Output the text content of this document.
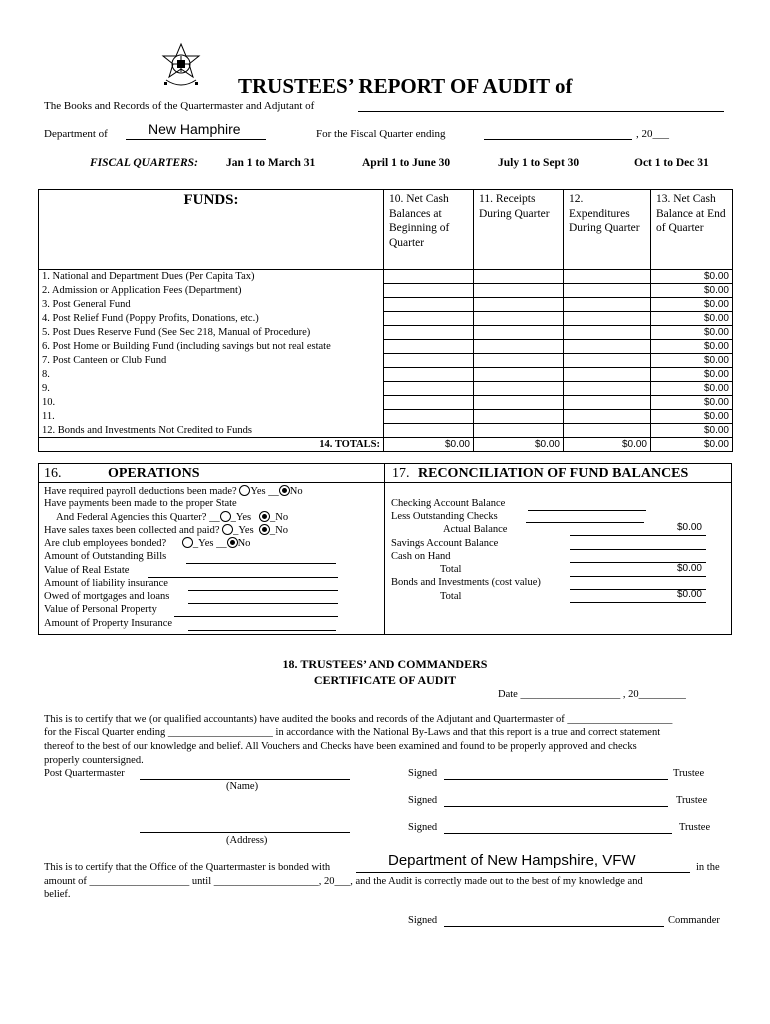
TRUSTEES’ REPORT OF AUDIT of
The Books and Records of the Quartermaster and Adjutant of
Department of	New Hamphire	For the Fiscal Quarter ending	, 20___
FISCAL QUARTERS: Jan 1 to March 31	April 1 to June 30	July 1 to Sept 30	Oct 1 to Dec 31
FUNDS:	10. Net Cash Balances at Beginning of Quarter	11. Receipts During Quarter	12. Expenditures During Quarter	13. Net Cash Balance at End of Quarter
1. National and Department Dues (Per Capita Tax)				$0.00
2. Admission or Application Fees (Department)				$0.00
3. Post General Fund				$0.00
4. Post Relief Fund (Poppy Profits, Donations, etc.)				$0.00
5. Post Dues Reserve Fund (See Sec 218, Manual of Procedure)				$0.00
6. Post Home or Building Fund (including savings but not real estate				$0.00
7. Post Canteen or Club Fund				$0.00
8.				$0.00
9.				$0.00
10.				$0.00
11.				$0.00
12. Bonds and Investments Not Credited to Funds				$0.00
14. TOTALS:	$0.00	$0.00	$0.00	$0.00
16.	OPERATIONS
Have required payroll deductions been made? Yes __ No
Have payments been made to the proper State
And Federal Agencies this Quarter? __ _Yes _No
Have sales taxes been collected and paid? _Yes _No
Are club employees bonded?	_Yes __ No
Amount of Outstanding Bills
Value of Real Estate
Amount of liability insurance
Owed of mortgages and loans
Value of Personal Property
Amount of Property Insurance
17. RECONCILIATION OF FUND BALANCES
Checking Account Balance
Less Outstanding Checks
Actual Balance	$0.00
Savings Account Balance
Cash on Hand
Total	$0.00
Bonds and Investments (cost value)
Total	$0.00
18. TRUSTEES’ AND COMMANDERS
CERTIFICATE OF AUDIT
Date ___________________ , 20_________
This is to certify that we (or qualified accountants) have audited the books and records of the Adjutant and Quartermaster of ____________________
for the Fiscal Quarter ending ____________________ in accordance with the National By-Laws and that this report is a true and correct statement
thereof to the best of our knowledge and belief. All Vouchers and Checks have been examined and found to be properly approved and checks
properly countersigned.
Post Quartermaster
(Name)
(Address)
Signed	Trustee
Signed	Trustee
Signed	Trustee
This is to certify that the Office of the Quartermaster is bonded with	Department of New Hampshire, VFW	in the
amount of ___________________ until ____________________, 20___, and the Audit is correctly made out to the best of my knowledge and
belief.
Signed	Commander
